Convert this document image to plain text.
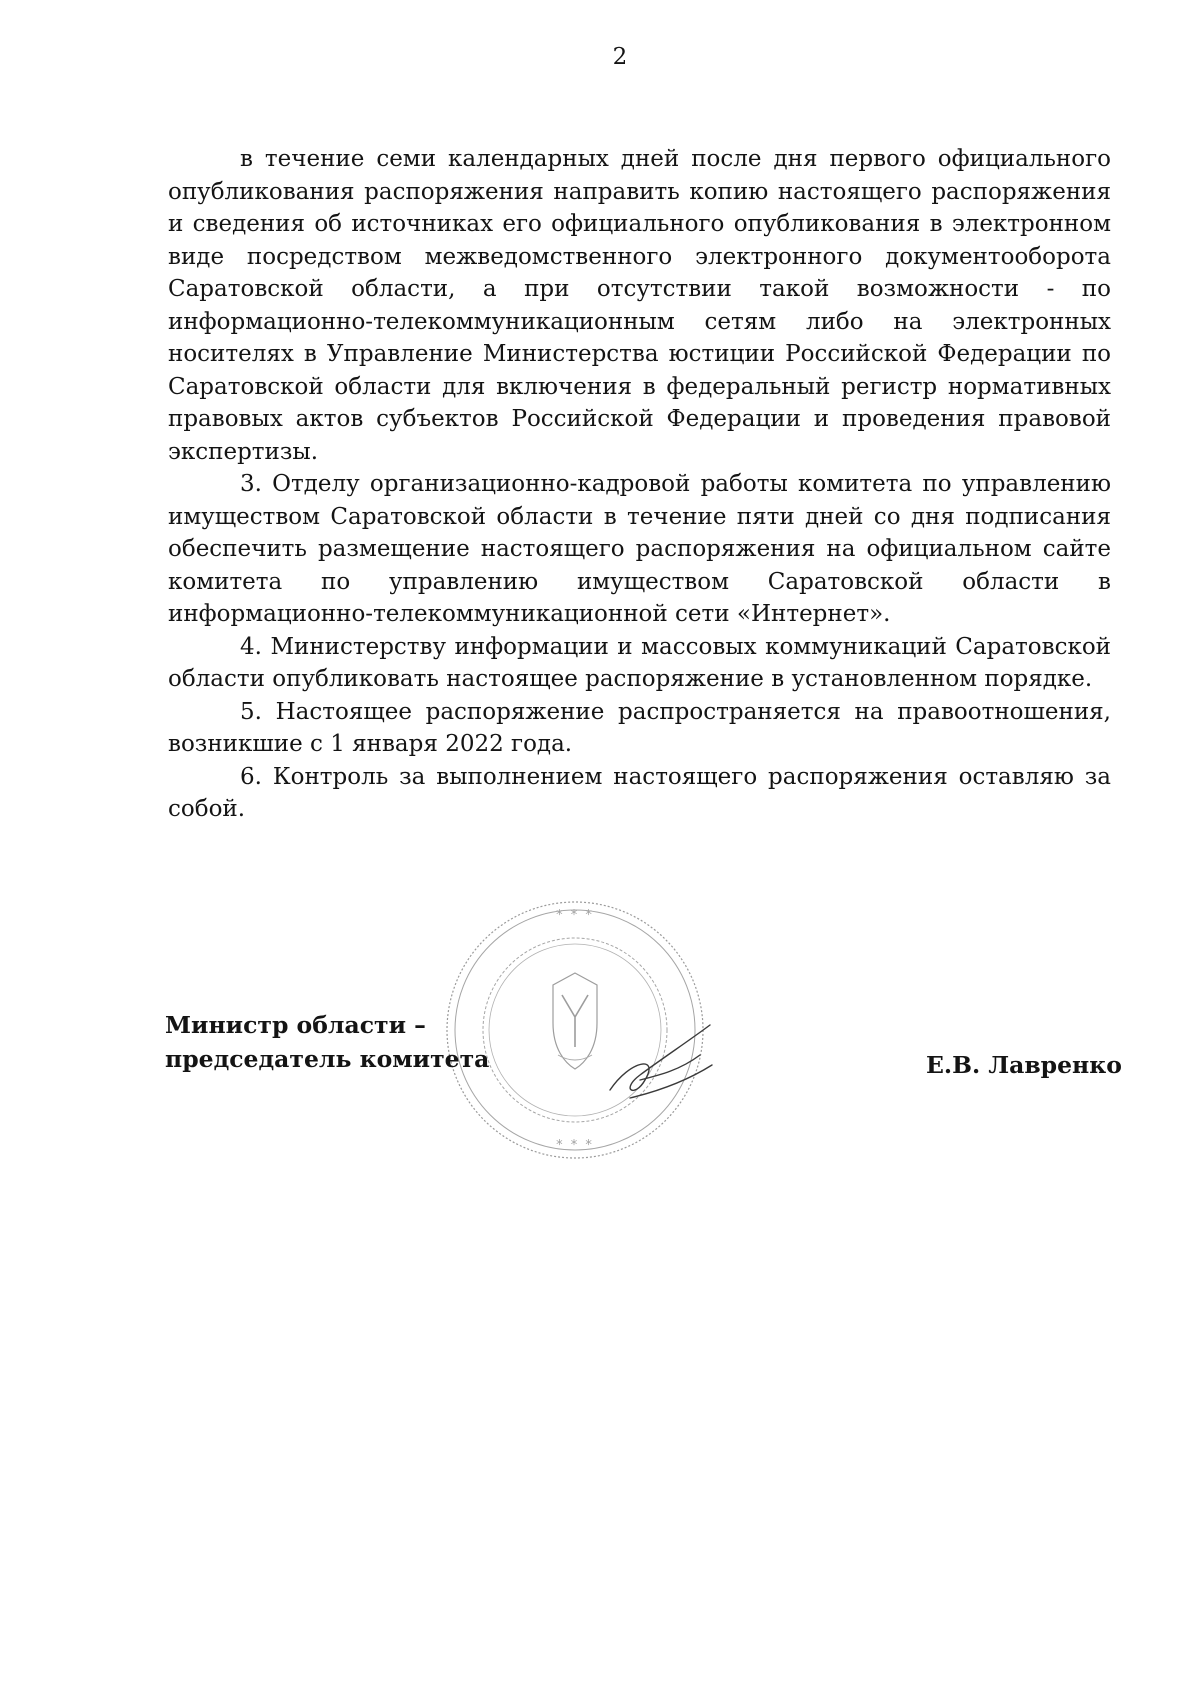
2

в течение семи календарных дней после дня первого официального опубликования распоряжения направить копию настоящего распоряжения и сведения об источниках его официального опубликования в электронном виде посредством межведомственного электронного документооборота Саратовской области, а при отсутствии такой возможности - по информационно-телекоммуникационным сетям либо на электронных носителях в Управление Министерства юстиции Российской Федерации по Саратовской области для включения в федеральный регистр нормативных правовых актов субъектов Российской Федерации и проведения правовой экспертизы.

3. Отделу организационно-кадровой работы комитета по управлению имуществом Саратовской области в течение пяти дней со дня подписания обеспечить размещение настоящего распоряжения на официальном сайте комитета по управлению имуществом Саратовской области в информационно-телекоммуникационной сети «Интернет».

4. Министерству информации и массовых коммуникаций Саратовской области опубликовать настоящее распоряжение в установленном порядке.

5. Настоящее распоряжение распространяется на правоотношения, возникшие с 1 января 2022 года.

6. Контроль за выполнением настоящего распоряжения оставляю за собой.

* * *
* * *
Министр области –
председатель комитета	Е.В. Лавренко
